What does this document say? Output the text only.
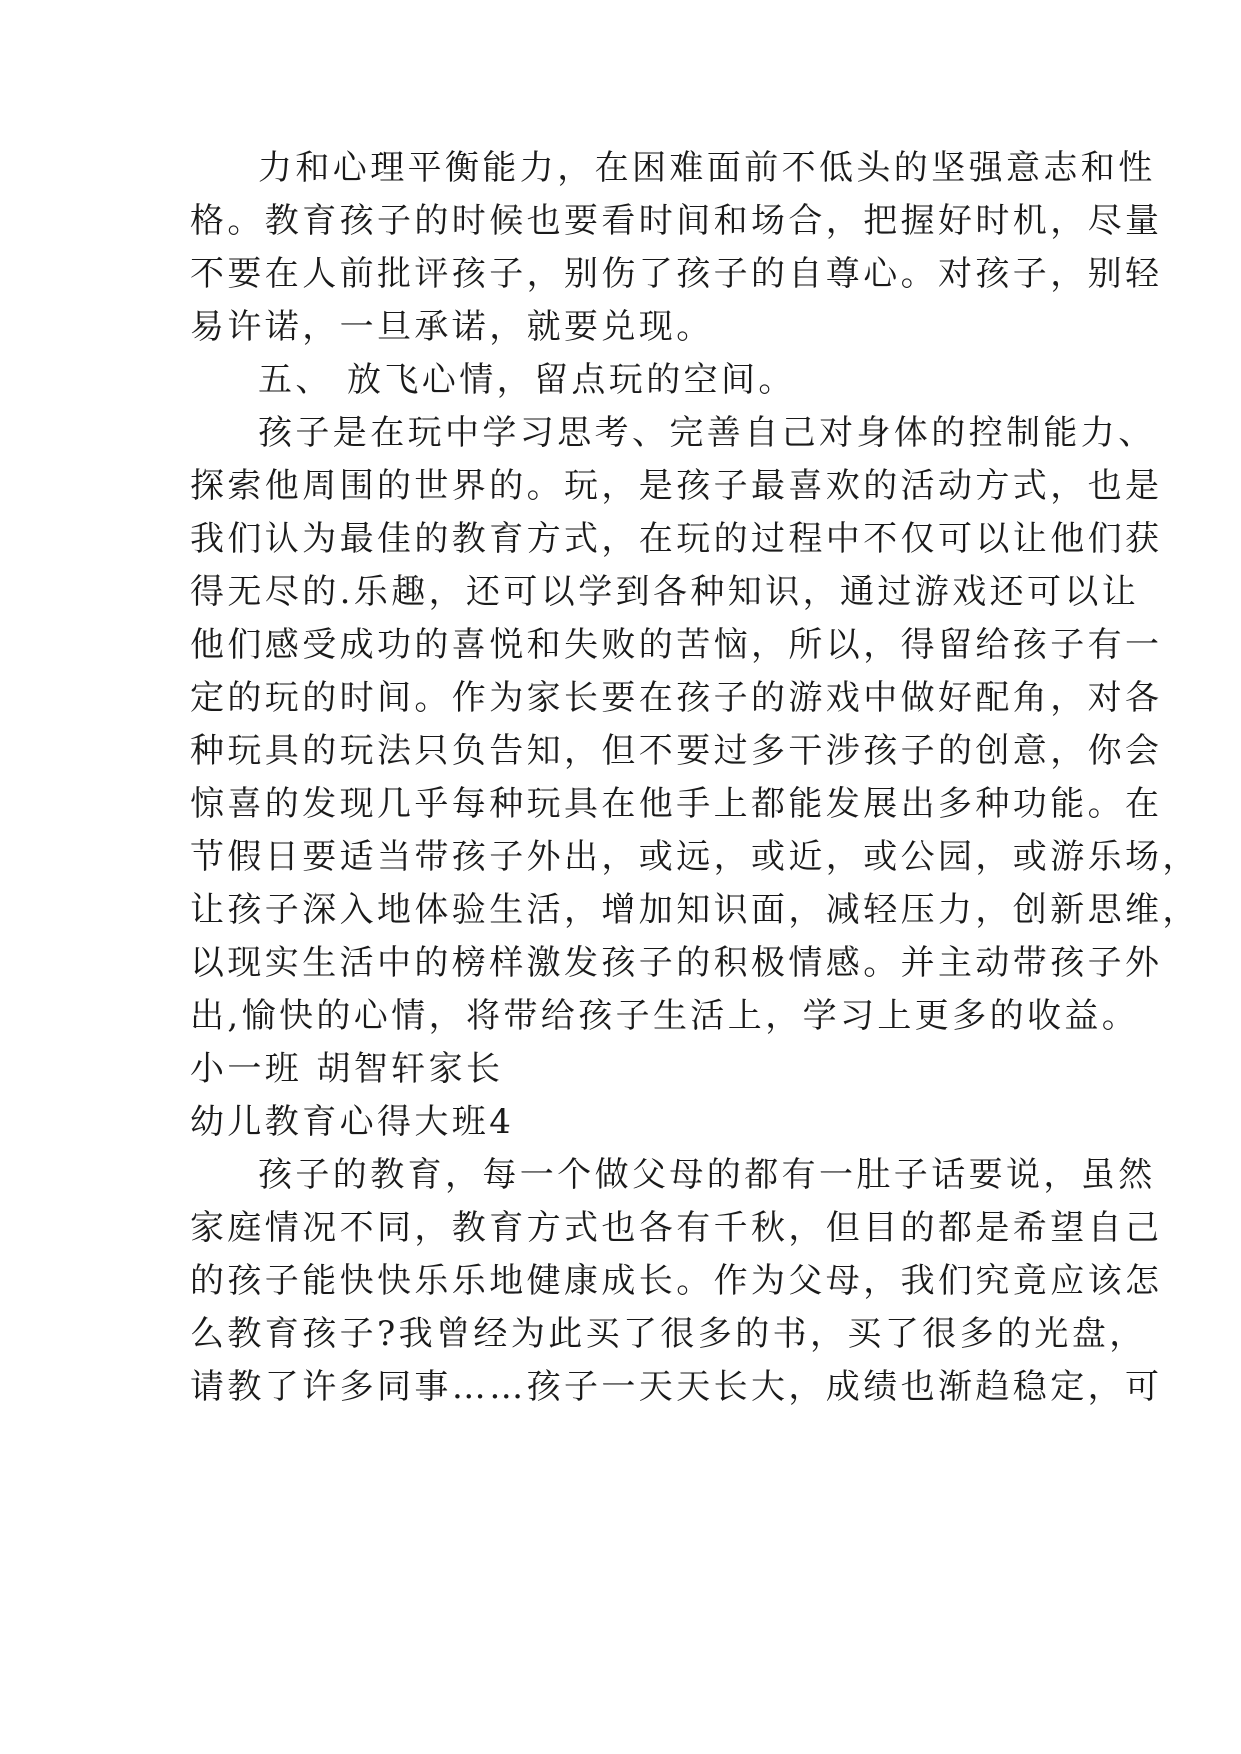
力和心理平衡能力，在困难面前不低头的坚强意志和性
格。教育孩子的时候也要看时间和场合，把握好时机，尽量
不要在人前批评孩子，别伤了孩子的自尊心。对孩子，别轻
易许诺，一旦承诺，就要兑现。
五、 放飞心情，留点玩的空间。
孩子是在玩中学习思考、完善自己对身体的控制能力、
探索他周围的世界的。玩，是孩子最喜欢的活动方式，也是
我们认为最佳的教育方式，在玩的过程中不仅可以让他们获
得无尽的.乐趣，还可以学到各种知识，通过游戏还可以让
他们感受成功的喜悦和失败的苦恼，所以，得留给孩子有一
定的玩的时间。作为家长要在孩子的游戏中做好配角，对各
种玩具的玩法只负告知，但不要过多干涉孩子的创意，你会
惊喜的发现几乎每种玩具在他手上都能发展出多种功能。在
节假日要适当带孩子外出，或远，或近，或公园，或游乐场，
让孩子深入地体验生活，增加知识面，减轻压力，创新思维，
以现实生活中的榜样激发孩子的积极情感。并主动带孩子外
出,愉快的心情，将带给孩子生活上，学习上更多的收益。
小一班 胡智轩家长
幼儿教育心得大班4
孩子的教育，每一个做父母的都有一肚子话要说，虽然
家庭情况不同，教育方式也各有千秋，但目的都是希望自己
的孩子能快快乐乐地健康成长。作为父母，我们究竟应该怎
么教育孩子?我曾经为此买了很多的书，买了很多的光盘，
请教了许多同事……孩子一天天长大，成绩也渐趋稳定，可
